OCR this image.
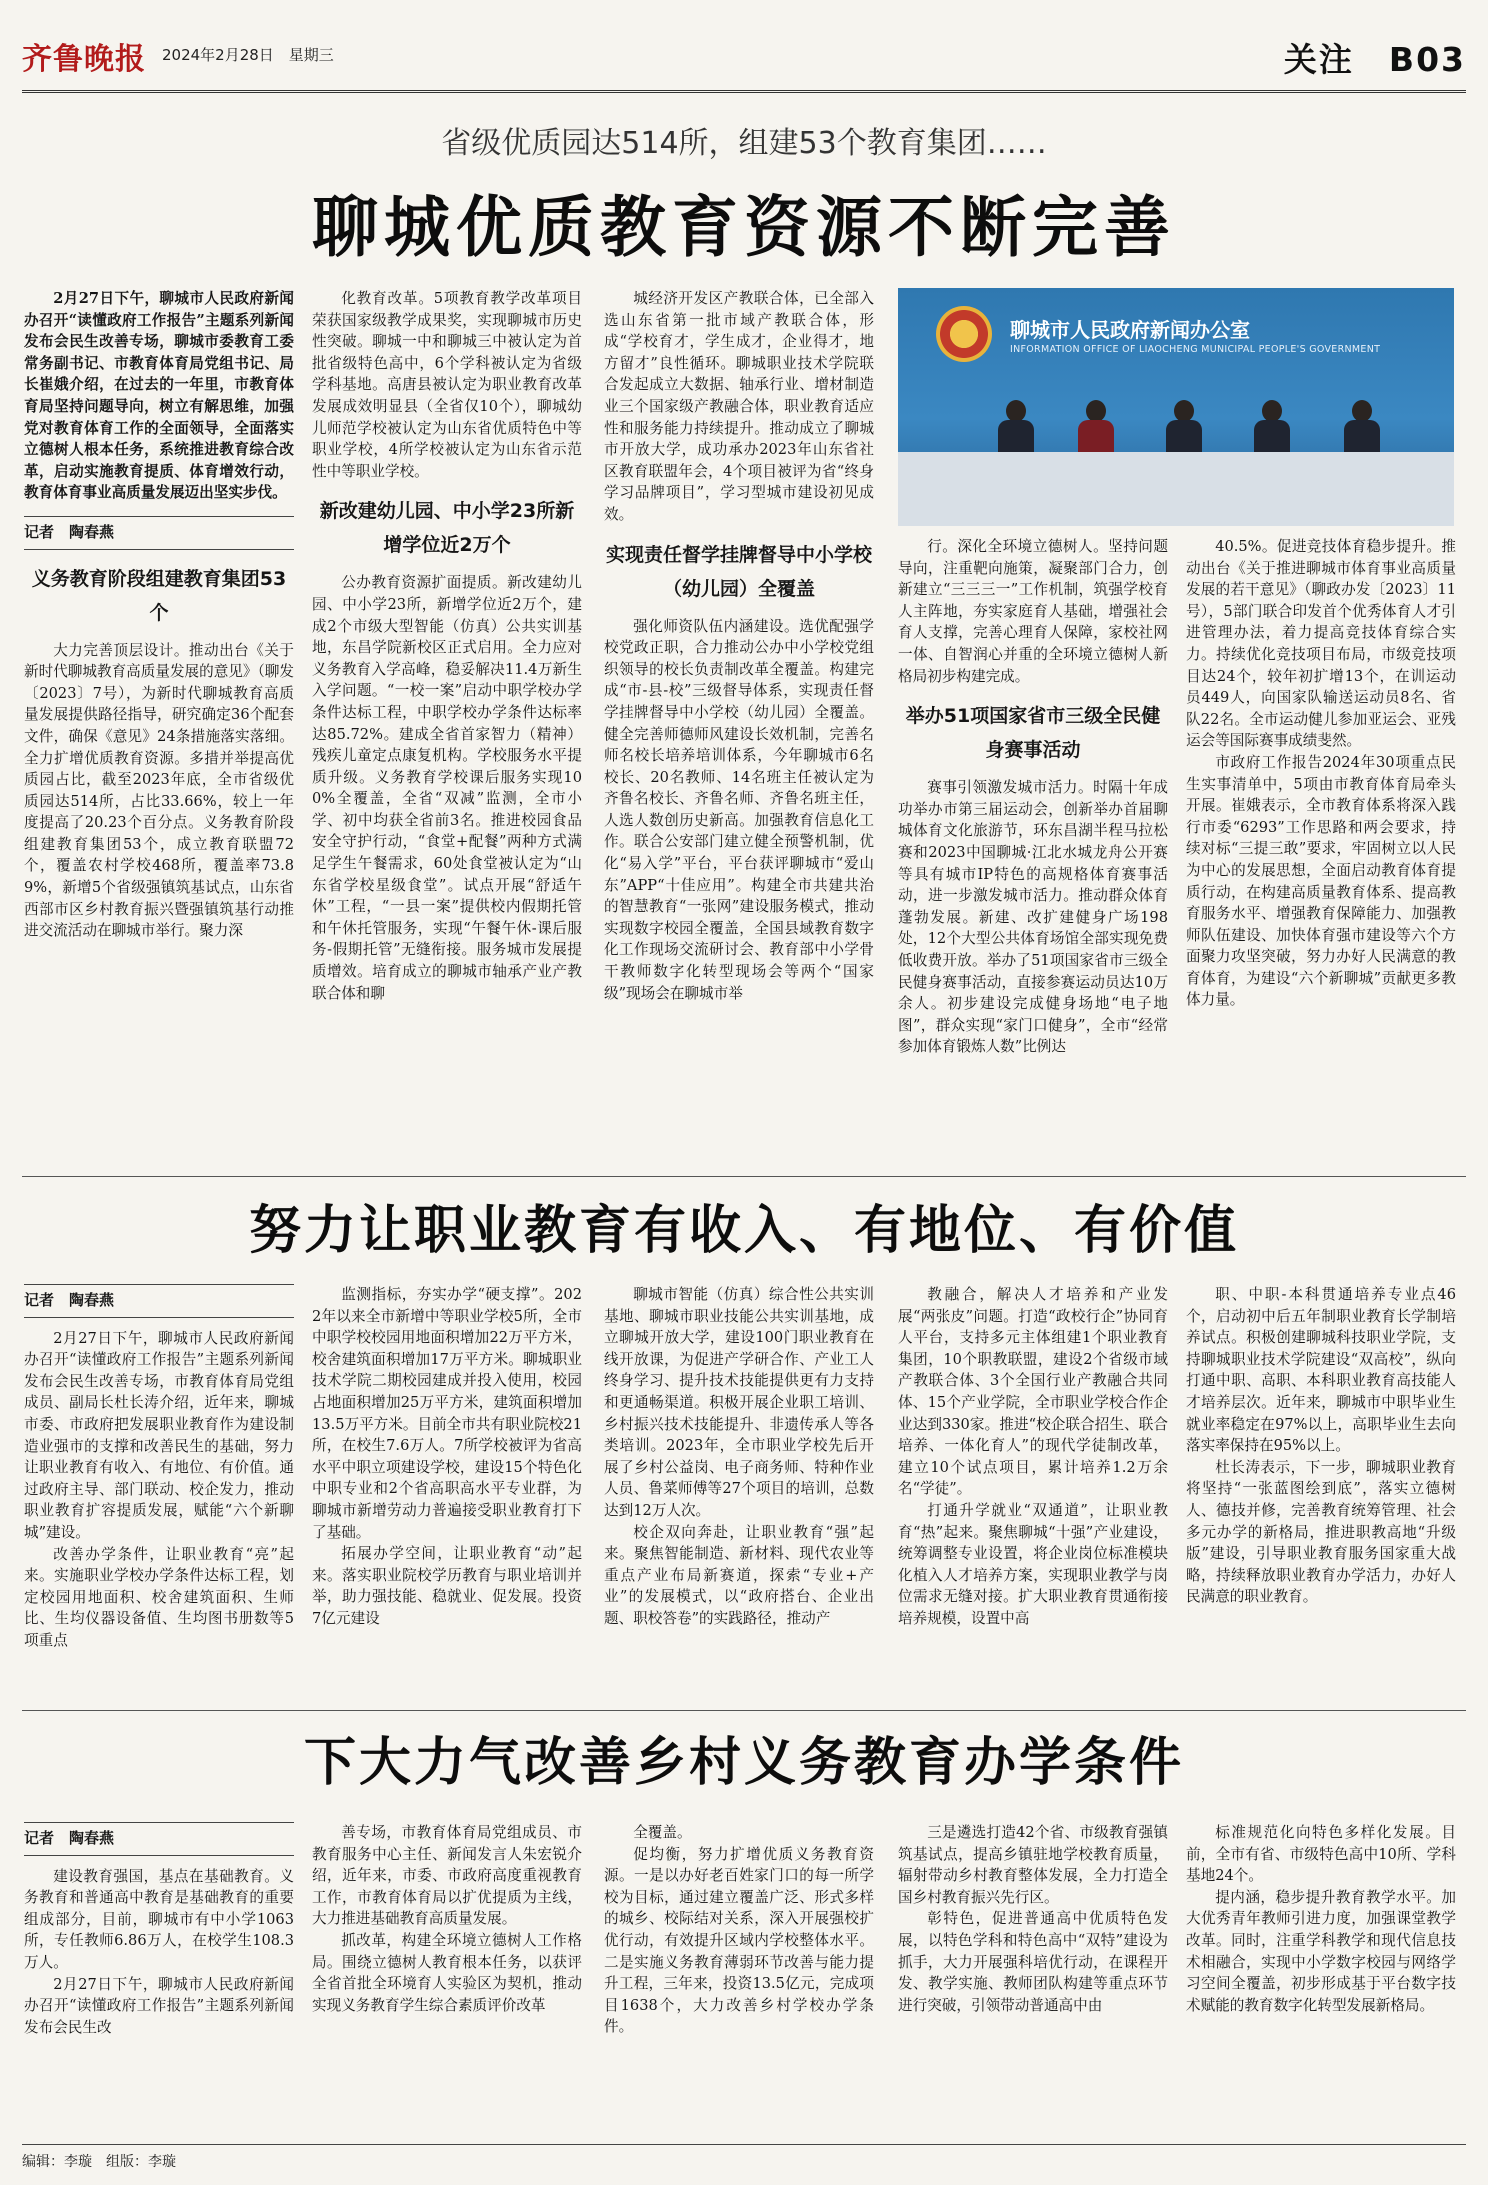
齐鲁晚报 2024年2月28日　星期三	关注　B03
省级优质园达514所，组建53个教育集团……
聊城优质教育资源不断完善

2月27日下午，聊城市人民政府新闻办召开“读懂政府工作报告”主题系列新闻发布会民生改善专场，聊城市委教育工委常务副书记、市教育体育局党组书记、局长崔娥介绍，在过去的一年里，市教育体育局坚持问题导向，树立有解思维，加强党对教育体育工作的全面领导，全面落实立德树人根本任务，系统推进教育综合改革，启动实施教育提质、体育增效行动，教育体育事业高质量发展迈出坚实步伐。

记者　陶春燕
义务教育阶段组建教育集团53个

大力完善顶层设计。推动出台《关于新时代聊城教育高质量发展的意见》（聊发〔2023〕7号），为新时代聊城教育高质量发展提供路径指导，研究确定36个配套文件，确保《意见》24条措施落实落细。全力扩增优质教育资源。多措并举提高优质园占比，截至2023年底，全市省级优质园达514所，占比33.66%，较上一年度提高了20.23个百分点。义务教育阶段组建教育集团53个，成立教育联盟72个，覆盖农村学校468所，覆盖率73.89%，新增5个省级强镇筑基试点，山东省西部市区乡村教育振兴暨强镇筑基行动推进交流活动在聊城市举行。聚力深

化教育改革。5项教育教学改革项目荣获国家级教学成果奖，实现聊城市历史性突破。聊城一中和聊城三中被认定为首批省级特色高中，6个学科被认定为省级学科基地。高唐县被认定为职业教育改革发展成效明显县（全省仅10个），聊城幼儿师范学校被认定为山东省优质特色中等职业学校，4所学校被认定为山东省示范性中等职业学校。

新改建幼儿园、中小学23所新增学位近2万个

公办教育资源扩面提质。新改建幼儿园、中小学23所，新增学位近2万个，建成2个市级大型智能（仿真）公共实训基地，东昌学院新校区正式启用。全力应对义务教育入学高峰，稳妥解决11.4万新生入学问题。“一校一案”启动中职学校办学条件达标工程，中职学校办学条件达标率达85.72%。建成全省首家智力（精神）残疾儿童定点康复机构。学校服务水平提质升级。义务教育学校课后服务实现100%全覆盖，全省“双减”监测，全市小学、初中均获全省前3名。推进校园食品安全守护行动，“食堂+配餐”两种方式满足学生午餐需求，60处食堂被认定为“山东省学校星级食堂”。试点开展“舒适午休”工程，“一县一案”提供校内假期托管和午休托管服务，实现“午餐午休-课后服务-假期托管”无缝衔接。服务城市发展提质增效。培育成立的聊城市轴承产业产教联合体和聊

城经济开发区产教联合体，已全部入选山东省第一批市域产教联合体，形成“学校育才，学生成才，企业得才，地方留才”良性循环。聊城职业技术学院联合发起成立大数据、轴承行业、增材制造业三个国家级产教融合体，职业教育适应性和服务能力持续提升。推动成立了聊城市开放大学，成功承办2023年山东省社区教育联盟年会，4个项目被评为省“终身学习品牌项目”，学习型城市建设初见成效。

实现责任督学挂牌督导中小学校（幼儿园）全覆盖

强化师资队伍内涵建设。选优配强学校党政正职，合力推动公办中小学校党组织领导的校长负责制改革全覆盖。构建完成“市-县-校”三级督导体系，实现责任督学挂牌督导中小学校（幼儿园）全覆盖。健全完善师德师风建设长效机制，完善名师名校长培养培训体系，今年聊城市6名校长、20名教师、14名班主任被认定为齐鲁名校长、齐鲁名师、齐鲁名班主任，人选人数创历史新高。加强教育信息化工作。联合公安部门建立健全预警机制，优化“易入学”平台，平台获评聊城市“爱山东”APP“十佳应用”。构建全市共建共治的智慧教育“一张网”建设服务模式，推动实现数字校园全覆盖，全国县域教育数字化工作现场交流研讨会、教育部中小学骨干教师数字化转型现场会等两个“国家级”现场会在聊城市举

聊城市人民政府新闻办公室
INFORMATION OFFICE OF LIAOCHENG MUNICIPAL PEOPLE'S GOVERNMENT

行。深化全环境立德树人。坚持问题导向，注重靶向施策，凝聚部门合力，创新建立“三三三一”工作机制，筑强学校育人主阵地，夯实家庭育人基础，增强社会育人支撑，完善心理育人保障，家校社网一体、自智润心并重的全环境立德树人新格局初步构建完成。

举办51项国家省市三级全民健身赛事活动

赛事引领激发城市活力。时隔十年成功举办市第三届运动会，创新举办首届聊城体育文化旅游节，环东昌湖半程马拉松赛和2023中国聊城·江北水城龙舟公开赛等具有城市IP特色的高规格体育赛事活动，进一步激发城市活力。推动群众体育蓬勃发展。新建、改扩建健身广场198处，12个大型公共体育场馆全部实现免费低收费开放。举办了51项国家省市三级全民健身赛事活动，直接参赛运动员达10万余人。初步建设完成健身场地“电子地图”，群众实现“家门口健身”，全市“经常参加体育锻炼人数”比例达

40.5%。促进竞技体育稳步提升。推动出台《关于推进聊城市体育事业高质量发展的若干意见》（聊政办发〔2023〕11号），5部门联合印发首个优秀体育人才引进管理办法，着力提高竞技体育综合实力。持续优化竞技项目布局，市级竞技项目达24个，较年初扩增13个，在训运动员449人，向国家队输送运动员8名、省队22名。全市运动健儿参加亚运会、亚残运会等国际赛事成绩斐然。

市政府工作报告2024年30项重点民生实事清单中，5项由市教育体育局牵头开展。崔娥表示，全市教育体系将深入践行市委“6293”工作思路和两会要求，持续对标“三提三敢”要求，牢固树立以人民为中心的发展思想，全面启动教育体育提质行动，在构建高质量教育体系、提高教育服务水平、增强教育保障能力、加强教师队伍建设、加快体育强市建设等六个方面聚力攻坚突破，努力办好人民满意的教育体育，为建设“六个新聊城”贡献更多教体力量。

努力让职业教育有收入、有地位、有价值
记者　陶春燕

2月27日下午，聊城市人民政府新闻办召开“读懂政府工作报告”主题系列新闻发布会民生改善专场，市教育体育局党组成员、副局长杜长涛介绍，近年来，聊城市委、市政府把发展职业教育作为建设制造业强市的支撑和改善民生的基础，努力让职业教育有收入、有地位、有价值。通过政府主导、部门联动、校企发力，推动职业教育扩容提质发展，赋能“六个新聊城”建设。

改善办学条件，让职业教育“亮”起来。实施职业学校办学条件达标工程，划定校园用地面积、校舍建筑面积、生师比、生均仪器设备值、生均图书册数等5项重点

监测指标，夯实办学“硬支撑”。2022年以来全市新增中等职业学校5所，全市中职学校校园用地面积增加22万平方米，校舍建筑面积增加17万平方米。聊城职业技术学院二期校园建成并投入使用，校园占地面积增加25万平方米，建筑面积增加13.5万平方米。目前全市共有职业院校21所，在校生7.6万人。7所学校被评为省高水平中职立项建设学校，建设15个特色化中职专业和2个省高职高水平专业群，为聊城市新增劳动力普遍接受职业教育打下了基础。

拓展办学空间，让职业教育“动”起来。落实职业院校学历教育与职业培训并举，助力强技能、稳就业、促发展。投资7亿元建设

聊城市智能（仿真）综合性公共实训基地、聊城市职业技能公共实训基地，成立聊城开放大学，建设100门职业教育在线开放课，为促进产学研合作、产业工人终身学习、提升技术技能提供更有力支持和更通畅渠道。积极开展企业职工培训、乡村振兴技术技能提升、非遗传承人等各类培训。2023年，全市职业学校先后开展了乡村公益岗、电子商务师、特种作业人员、鲁菜师傅等27个项目的培训，总数达到12万人次。

校企双向奔赴，让职业教育“强”起来。聚焦智能制造、新材料、现代农业等重点产业布局新赛道，探索“专业+产业”的发展模式，以“政府搭台、企业出题、职校答卷”的实践路径，推动产

教融合，解决人才培养和产业发展“两张皮”问题。打造“政校行企”协同育人平台，支持多元主体组建1个职业教育集团，10个职教联盟，建设2个省级市域产教联合体、3个全国行业产教融合共同体、15个产业学院，全市职业学校合作企业达到330家。推进“校企联合招生、联合培养、一体化育人”的现代学徒制改革，建立10个试点项目，累计培养1.2万余名“学徒”。

打通升学就业“双通道”，让职业教育“热”起来。聚焦聊城“十强”产业建设，统筹调整专业设置，将企业岗位标准模块化植入人才培养方案，实现职业教学与岗位需求无缝对接。扩大职业教育贯通衔接培养规模，设置中高

职、中职-本科贯通培养专业点46个，启动初中后五年制职业教育长学制培养试点。积极创建聊城科技职业学院，支持聊城职业技术学院建设“双高校”，纵向打通中职、高职、本科职业教育高技能人才培养层次。近年来，聊城市中职毕业生就业率稳定在97%以上，高职毕业生去向落实率保持在95%以上。

杜长涛表示，下一步，聊城职业教育将坚持“一张蓝图绘到底”，落实立德树人、德技并修，完善教育统筹管理、社会多元办学的新格局，推进职教高地“升级版”建设，引导职业教育服务国家重大战略，持续释放职业教育办学活力，办好人民满意的职业教育。

下大力气改善乡村义务教育办学条件
记者　陶春燕

建设教育强国，基点在基础教育。义务教育和普通高中教育是基础教育的重要组成部分，目前，聊城市有中小学1063所，专任教师6.86万人，在校学生108.3万人。

2月27日下午，聊城市人民政府新闻办召开“读懂政府工作报告”主题系列新闻发布会民生改

善专场，市教育体育局党组成员、市教育服务中心主任、新闻发言人朱宏锐介绍，近年来，市委、市政府高度重视教育工作，市教育体育局以扩优提质为主线，大力推进基础教育高质量发展。

抓改革，构建全环境立德树人工作格局。围绕立德树人教育根本任务，以获评全省首批全环境育人实验区为契机，推动实现义务教育学生综合素质评价改革

全覆盖。

促均衡，努力扩增优质义务教育资源。一是以办好老百姓家门口的每一所学校为目标，通过建立覆盖广泛、形式多样的城乡、校际结对关系，深入开展强校扩优行动，有效提升区域内学校整体水平。二是实施义务教育薄弱环节改善与能力提升工程，三年来，投资13.5亿元，完成项目1638个，大力改善乡村学校办学条件。

三是遴选打造42个省、市级教育强镇筑基试点，提高乡镇驻地学校教育质量，辐射带动乡村教育整体发展，全力打造全国乡村教育振兴先行区。

彰特色，促进普通高中优质特色发展，以特色学科和特色高中“双特”建设为抓手，大力开展强科培优行动，在课程开发、教学实施、教师团队构建等重点环节进行突破，引领带动普通高中由

标准规范化向特色多样化发展。目前，全市有省、市级特色高中10所、学科基地24个。

提内涵，稳步提升教育教学水平。加大优秀青年教师引进力度，加强课堂教学改革。同时，注重学科教学和现代信息技术相融合，实现中小学数字校园与网络学习空间全覆盖，初步形成基于平台数字技术赋能的教育数字化转型发展新格局。

编辑：李璇　组版：李璇
